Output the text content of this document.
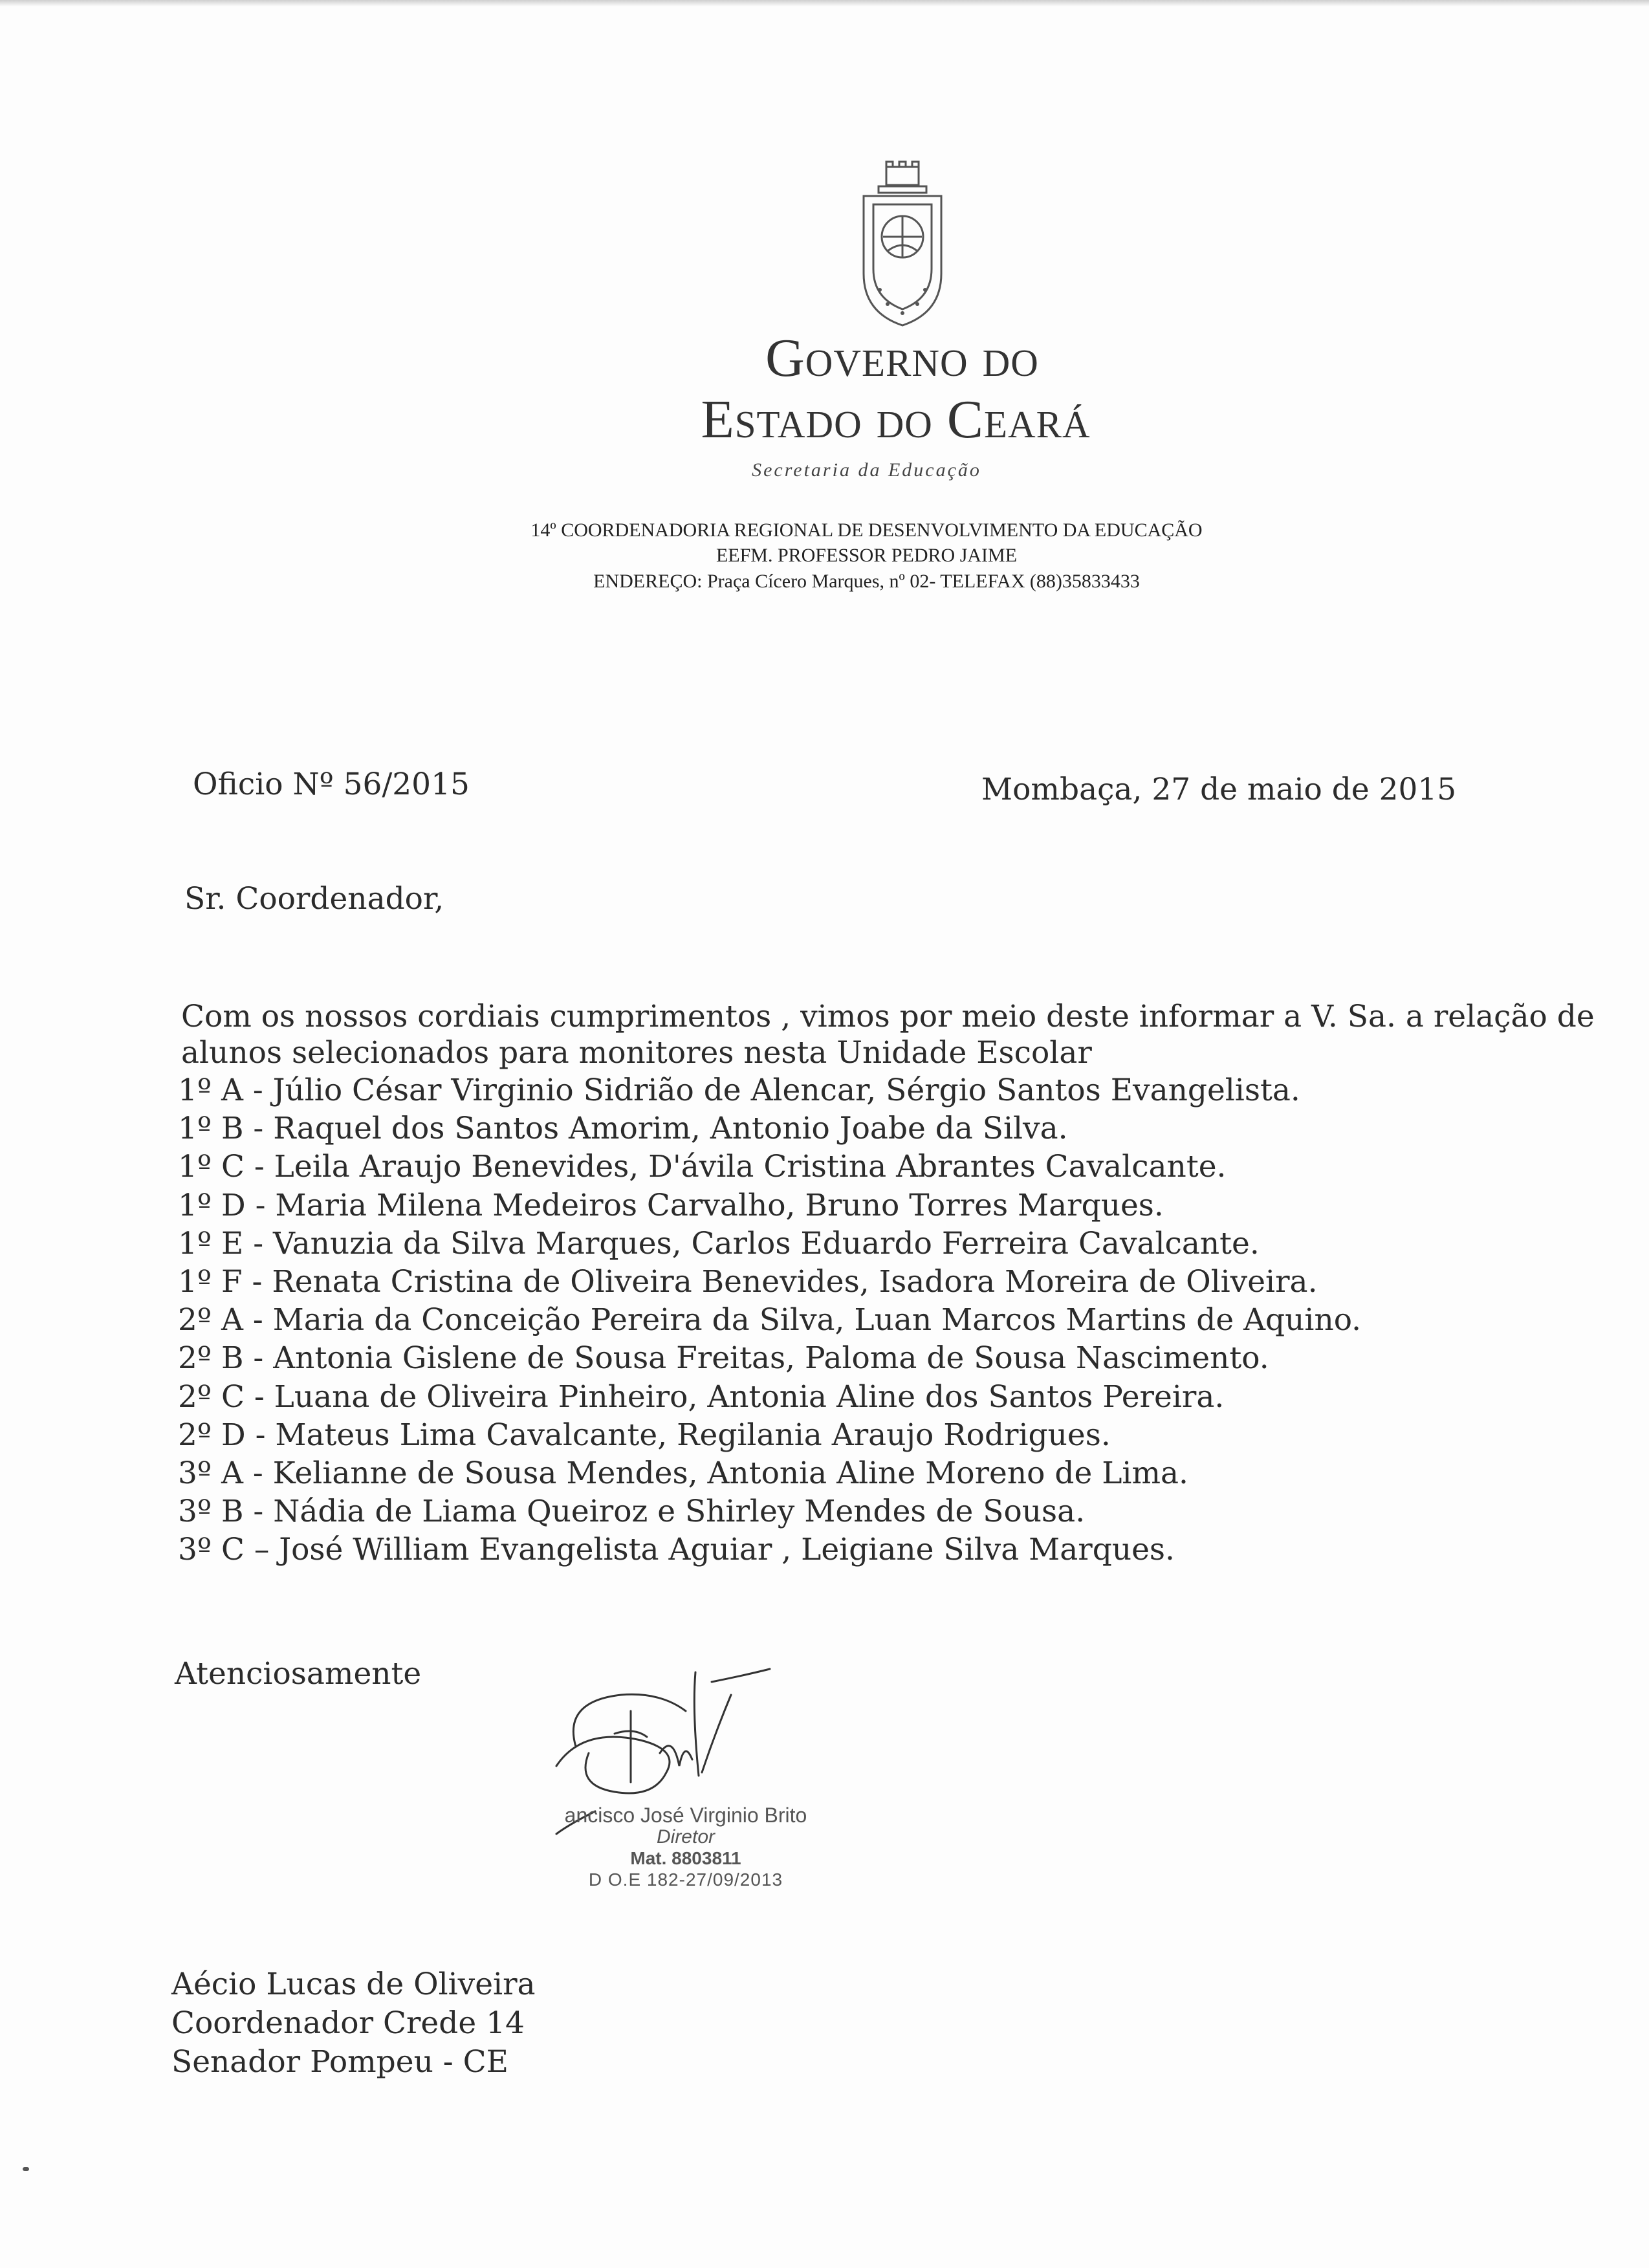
Governo do
Estado do Ceará
Secretaria da Educação
14º COORDENADORIA REGIONAL DE DESENVOLVIMENTO DA EDUCAÇÃO
EEFM. PROFESSOR PEDRO JAIME
ENDEREÇO: Praça Cícero Marques, nº 02- TELEFAX (88)35833433
Oficio Nº 56/2015	Mombaça, 27 de maio de 2015
Sr. Coordenador,
Com os nossos cordiais cumprimentos , vimos por meio deste informar a V. Sa. a relação de
alunos selecionados para monitores nesta Unidade Escolar
1º A - Júlio César Virginio Sidrião de Alencar, Sérgio Santos Evangelista.
1º B - Raquel dos Santos Amorim, Antonio Joabe da Silva.
1º C - Leila Araujo Benevides, D'ávila Cristina Abrantes Cavalcante.
1º D - Maria Milena Medeiros Carvalho, Bruno Torres Marques.
1º E - Vanuzia da Silva Marques, Carlos Eduardo Ferreira Cavalcante.
1º F - Renata Cristina de Oliveira Benevides, Isadora Moreira de Oliveira.
2º A - Maria da Conceição Pereira da Silva, Luan Marcos Martins de Aquino.
2º B - Antonia Gislene de Sousa Freitas, Paloma de Sousa Nascimento.
2º C - Luana de Oliveira Pinheiro, Antonia Aline dos Santos Pereira.
2º D - Mateus Lima Cavalcante, Regilania Araujo Rodrigues.
3º A - Kelianne de Sousa Mendes, Antonia Aline Moreno de Lima.
3º B - Nádia de Liama Queiroz e Shirley Mendes de Sousa.
3º C – José William Evangelista Aguiar , Leigiane Silva Marques.
Atenciosamente
ancisco José Virginio Brito
Diretor
Mat. 8803811
D O.E 182-27/09/2013
Aécio Lucas de Oliveira
Coordenador Crede 14
Senador Pompeu - CE
